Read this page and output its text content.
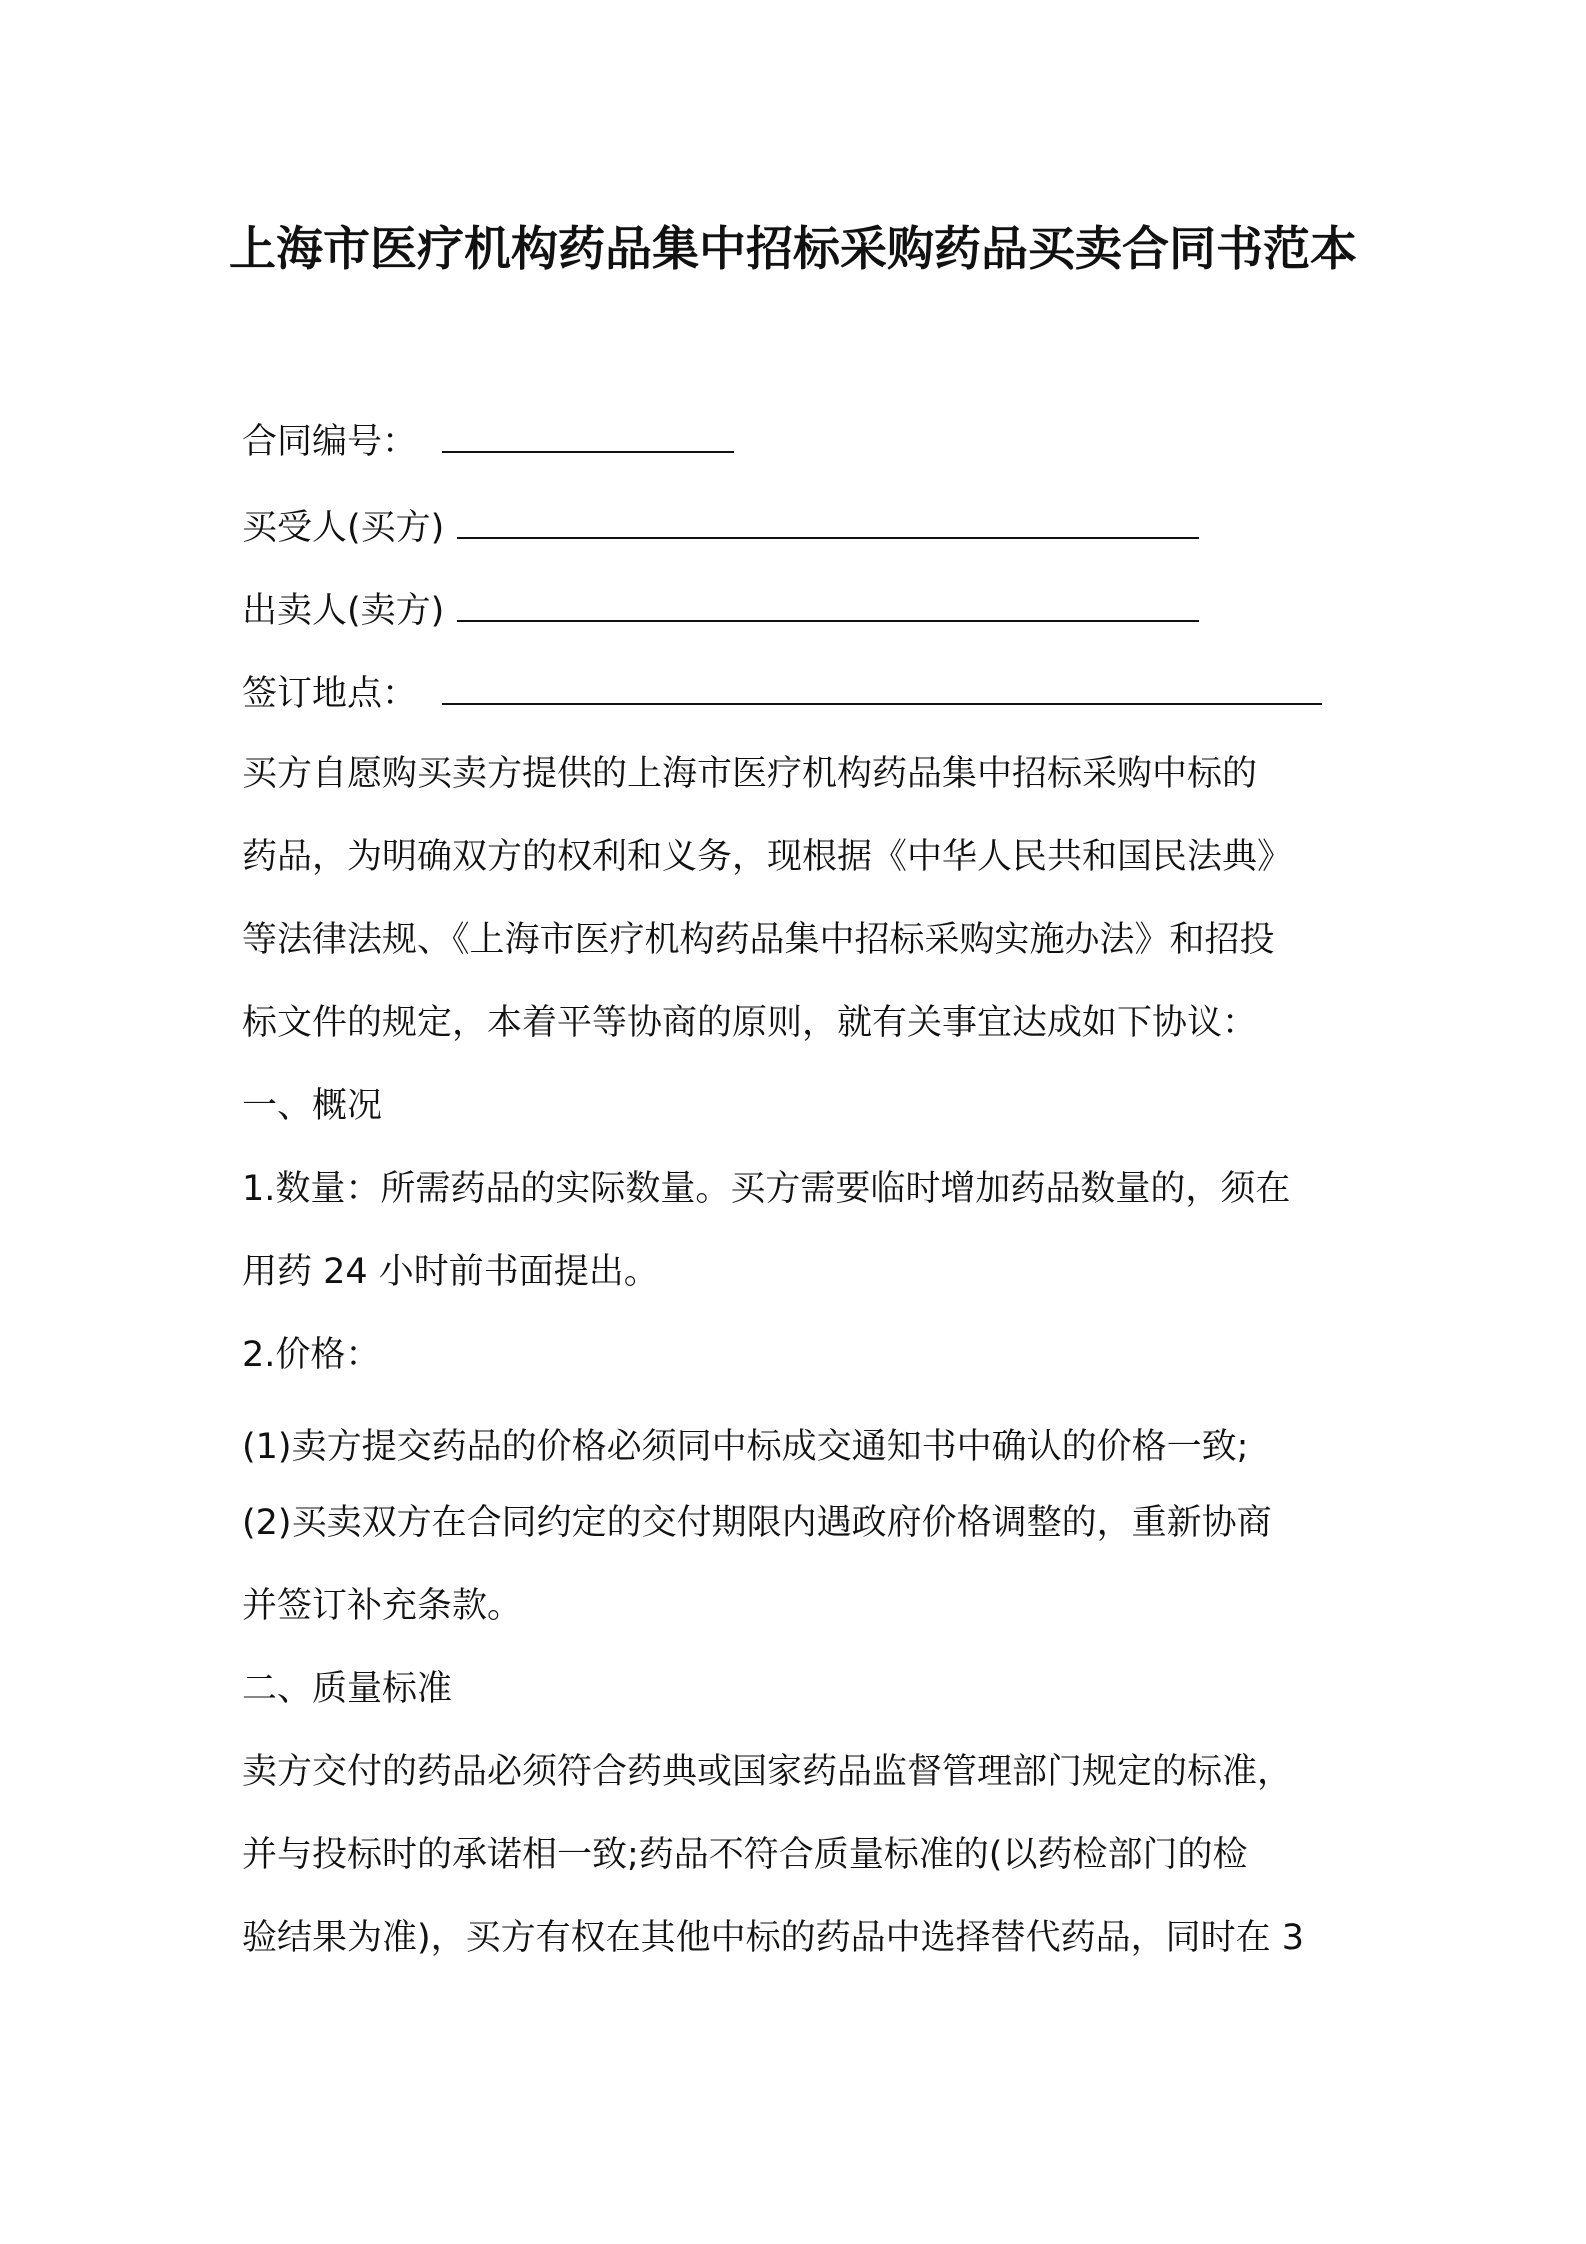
上海市医疗机构药品集中招标采购药品买卖合同书范本
合同编号：
买受人(买方)
出卖人(卖方)
签订地点：
买方自愿购买卖方提供的上海市医疗机构药品集中招标采购中标的
药品，为明确双方的权利和义务，现根据《中华人民共和国民法典》
等法律法规、《上海市医疗机构药品集中招标采购实施办法》和招投
标文件的规定，本着平等协商的原则，就有关事宜达成如下协议：
一、概况
1.数量：所需药品的实际数量。买方需要临时增加药品数量的，须在
用药 24 小时前书面提出。
2.价格：
(1)卖方提交药品的价格必须同中标成交通知书中确认的价格一致;
(2)买卖双方在合同约定的交付期限内遇政府价格调整的，重新协商
并签订补充条款。
二、质量标准
卖方交付的药品必须符合药典或国家药品监督管理部门规定的标准，
并与投标时的承诺相一致;药品不符合质量标准的(以药检部门的检
验结果为准)，买方有权在其他中标的药品中选择替代药品，同时在 3
